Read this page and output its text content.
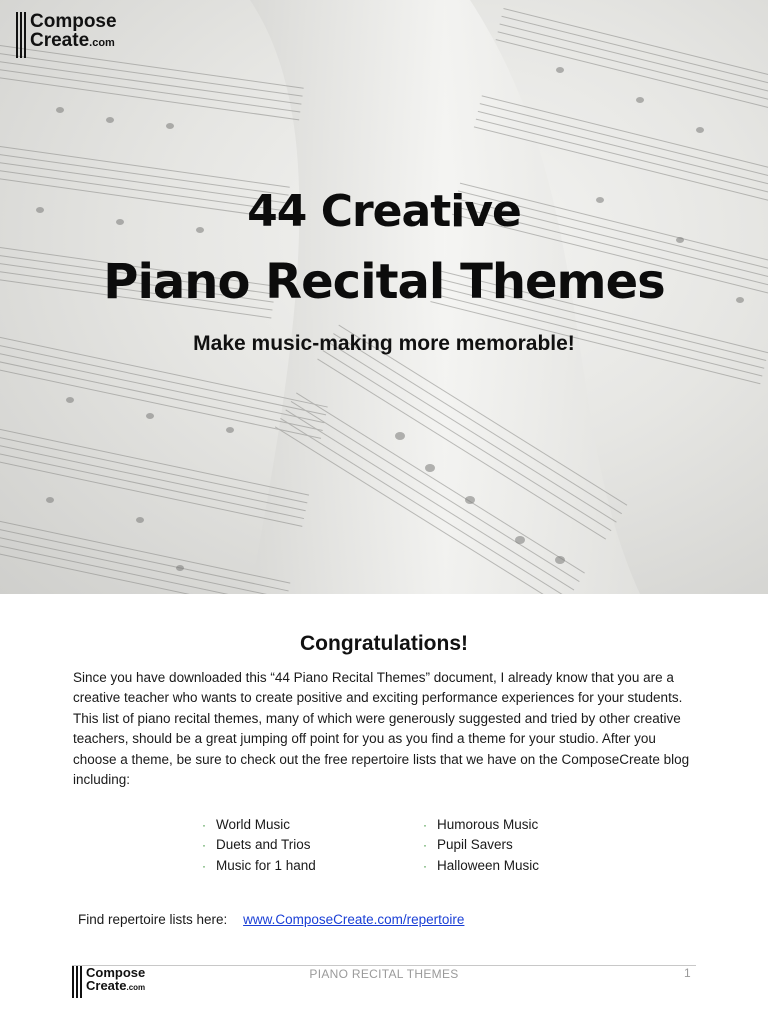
Compose
Create.com
44 Creative
Piano Recital Themes

Make music-making more memorable!

Congratulations!

Since you have downloaded this “44 Piano Recital Themes” document, I already know that you are a creative teacher who wants to create positive and exciting performance experiences for your students. This list of piano recital themes, many of which were generously suggested and tried by other creative teachers, should be a great jumping off point for you as you find a theme for your studio. After you choose a theme, be sure to check out the free repertoire lists that we have on the ComposeCreate blog including:

· World Music
· Duets and Trios
· Music for 1 hand
· Humorous Music
· Pupil Savers
· Halloween Music
Find repertoire lists here: www.ComposeCreate.com/repertoire
Compose
Create.com
PIANO RECITAL THEMES	1
